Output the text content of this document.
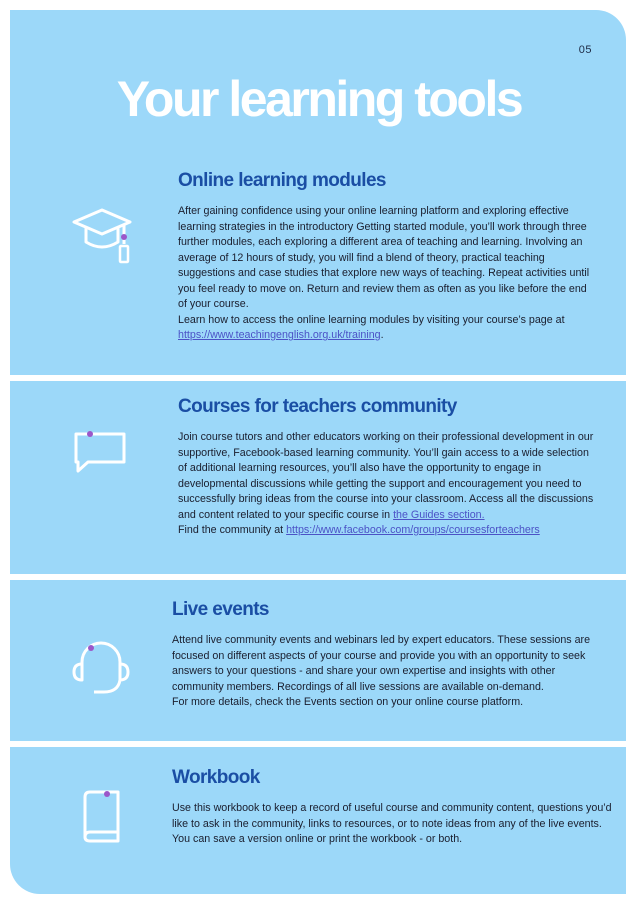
05
Your learning tools
Online learning modules

After gaining confidence using your online learning platform and exploring effective learning strategies in the introductory Getting started module, you’ll work through three further modules, each exploring a different area of teaching and learning. Involving an average of 12 hours of study, you will find a blend of theory, practical teaching suggestions and case studies that explore new ways of teaching. Repeat activities until you feel ready to move on. Return and review them as often as you like before the end of your course.

Learn how to access the online learning modules by visiting your course’s page at https://www.teachingenglish.org.uk/training.

Courses for teachers community

Join course tutors and other educators working on their professional development in our supportive, Facebook-based learning community. You’ll gain access to a wide selection of additional learning resources, you’ll also have the opportunity to engage in developmental discussions while getting the support and encouragement you need to successfully bring ideas from the course into your classroom. Access all the discussions and content related to your specific course in the Guides section.

Find the community at https://www.facebook.com/groups/coursesforteachers

Live events

Attend live community events and webinars led by expert educators. These sessions are focused on different aspects of your course and provide you with an opportunity to seek answers to your questions - and share your own expertise and insights with other community members. Recordings of all live sessions are available on-demand.

For more details, check the Events section on your online course platform.

Workbook

Use this workbook to keep a record of useful course and community content, questions you’d like to ask in the community, links to resources, or to note ideas from any of the live events. You can save a version online or print the workbook - or both.
